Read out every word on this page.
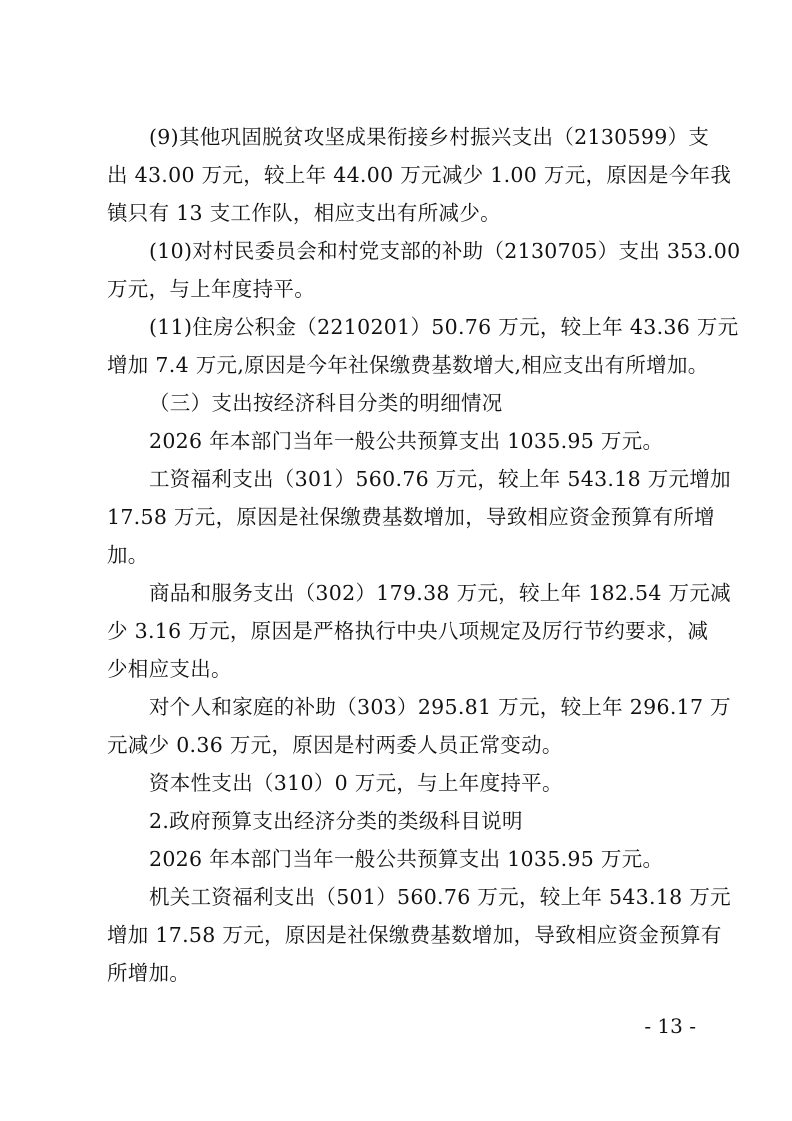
(9)其他巩固脱贫攻坚成果衔接乡村振兴支出（2130599）支
出 43.00 万元，较上年 44.00 万元减少 1.00 万元，原因是今年我
镇只有 13 支工作队，相应支出有所减少。
(10)对村民委员会和村党支部的补助（2130705）支出 353.00
万元，与上年度持平。
(11)住房公积金（2210201）50.76 万元，较上年 43.36 万元
增加 7.4 万元,原因是今年社保缴费基数增大,相应支出有所增加。
（三）支出按经济科目分类的明细情况
2026 年本部门当年一般公共预算支出 1035.95 万元。
工资福利支出（301）560.76 万元，较上年 543.18 万元增加
17.58 万元，原因是社保缴费基数增加，导致相应资金预算有所增
加。
商品和服务支出（302）179.38 万元，较上年 182.54 万元减
少 3.16 万元，原因是严格执行中央八项规定及厉行节约要求，减
少相应支出。
对个人和家庭的补助（303）295.81 万元，较上年 296.17 万
元减少 0.36 万元，原因是村两委人员正常变动。
资本性支出（310）0 万元，与上年度持平。
2.政府预算支出经济分类的类级科目说明
2026 年本部门当年一般公共预算支出 1035.95 万元。
机关工资福利支出（501）560.76 万元，较上年 543.18 万元
增加 17.58 万元，原因是社保缴费基数增加，导致相应资金预算有
所增加。
- 13 -
